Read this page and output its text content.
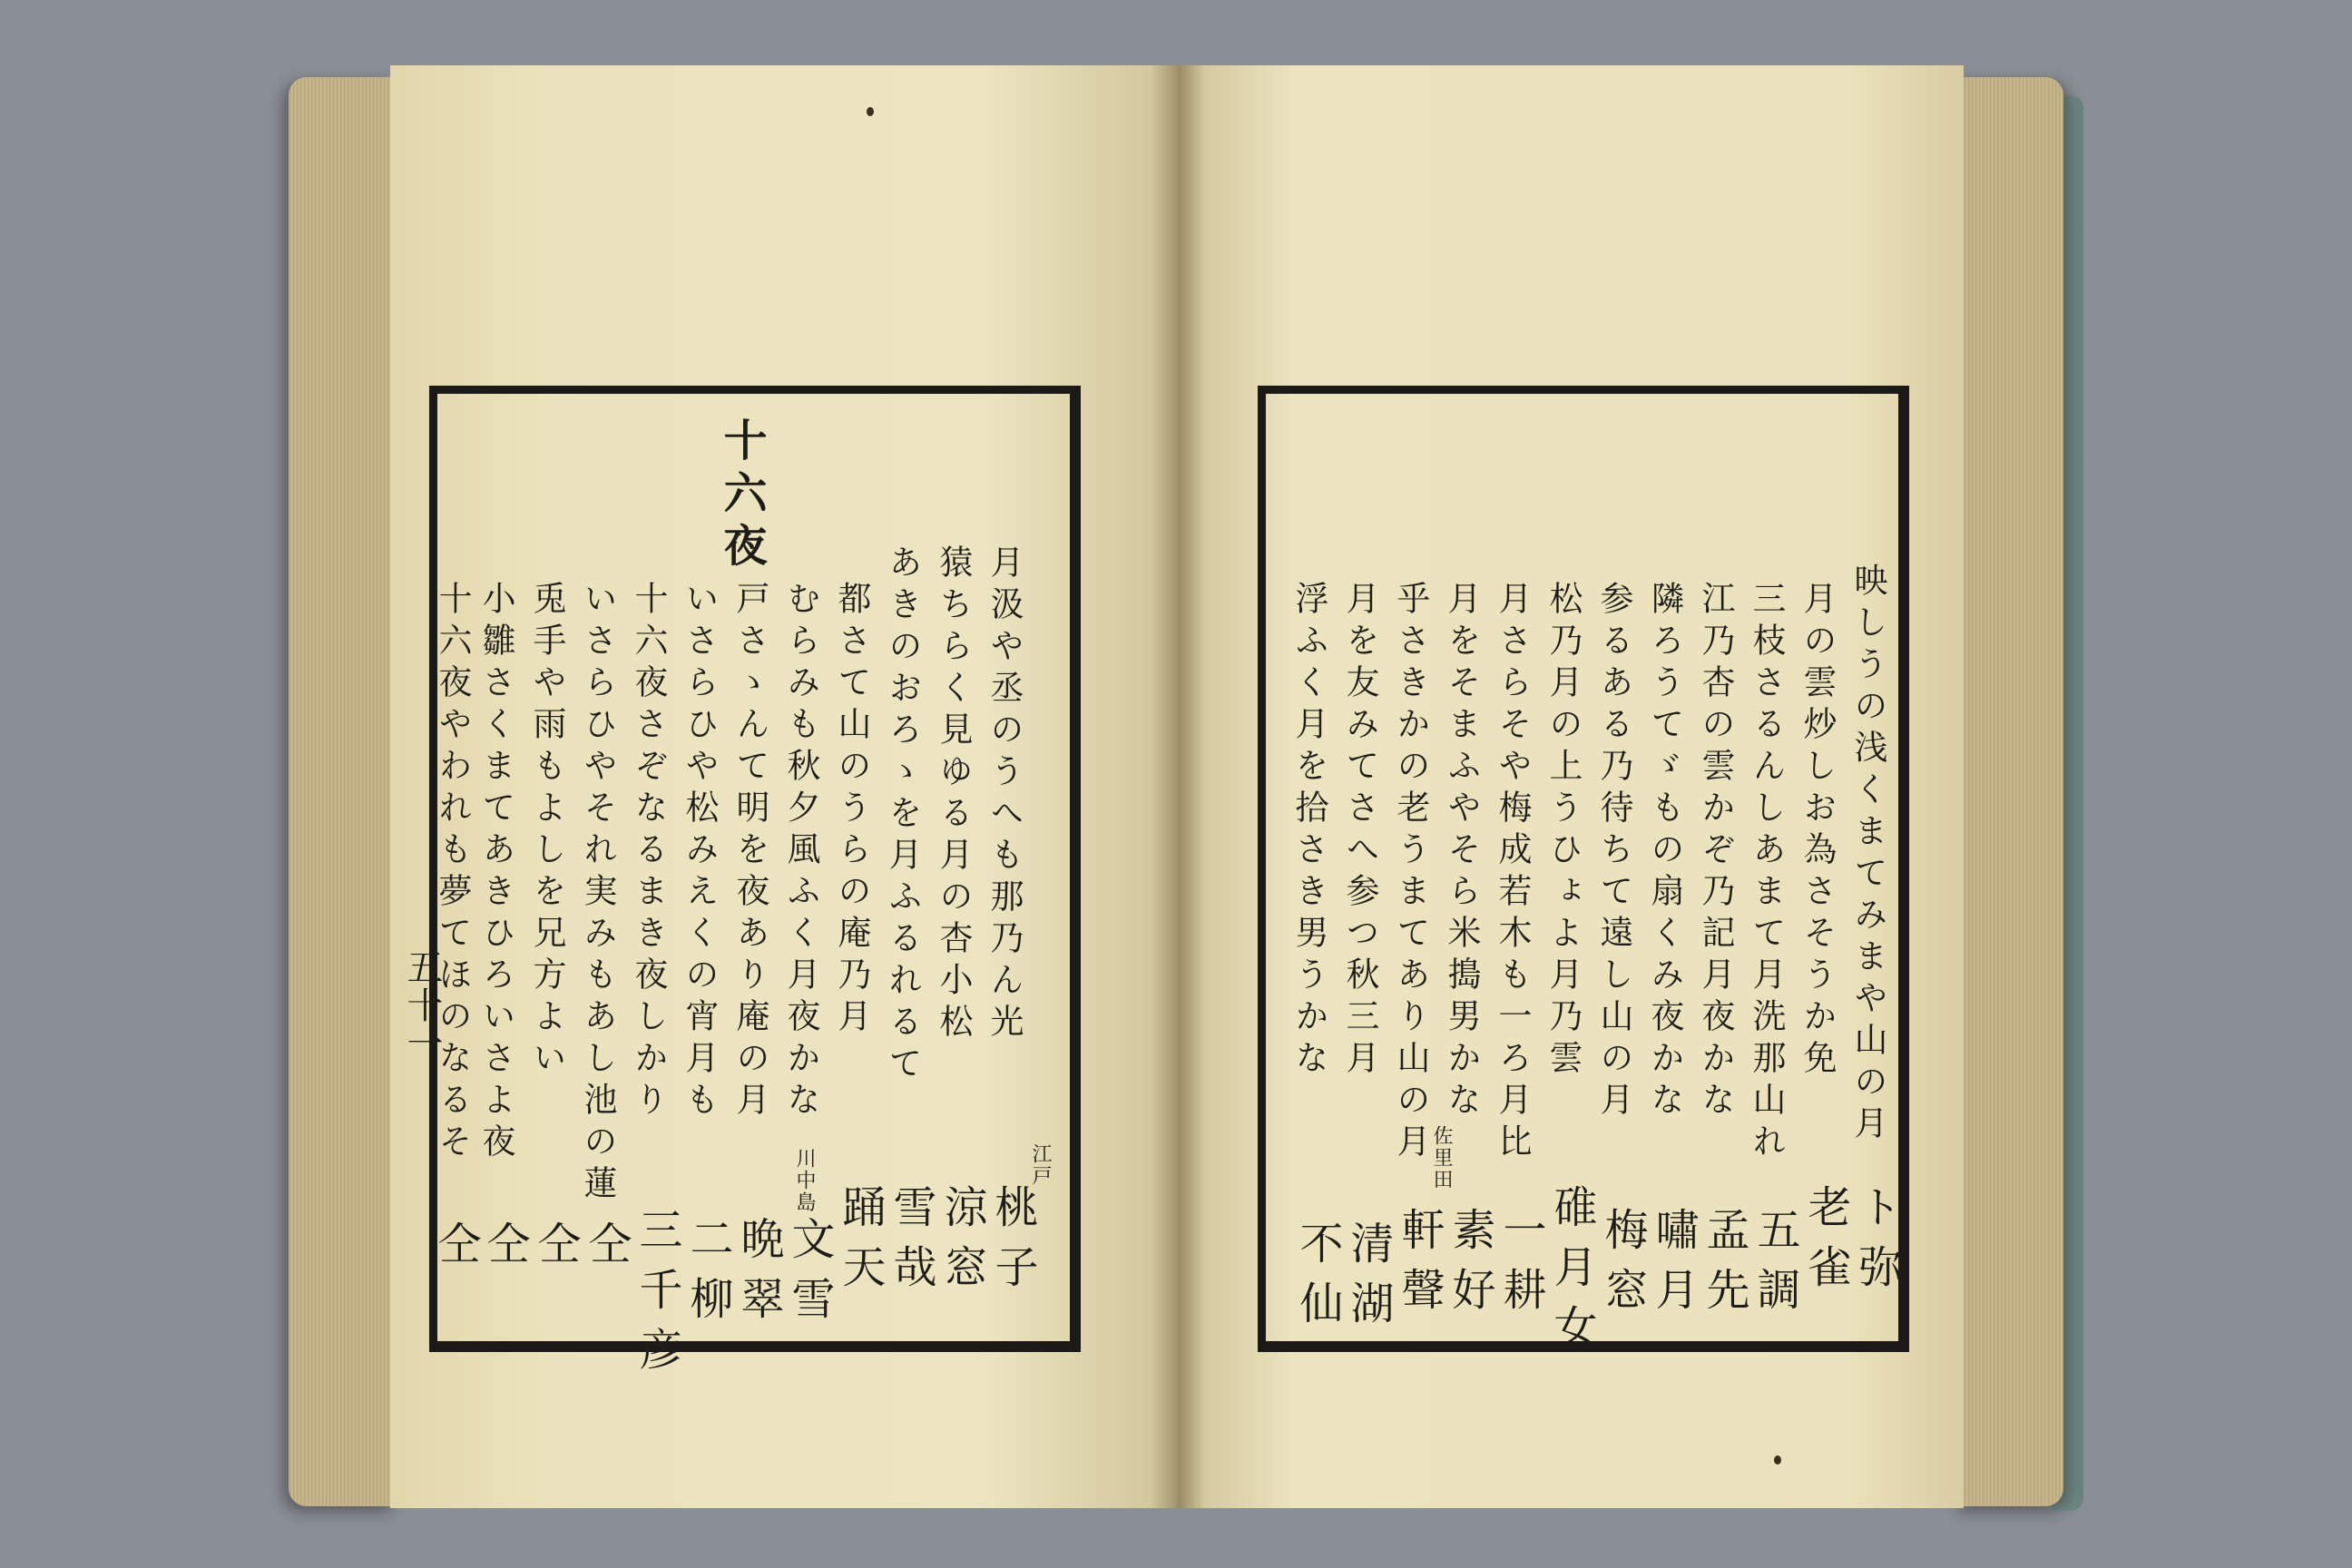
五十一
十六夜
月汲や丞のうへも那乃ん光
猿ちらく見ゆる月の杏小松
あきのおろゝを月ふるれるて
都さて山のうらの庵乃月
むらみも秋夕風ふく月夜かな
戸さゝんて明を夜あり庵の月
いさらひや松みえくの宵月も
十六夜さぞなるまき夜しかり
いさらひやそれ実みもあし池の蓮
兎手や雨もよしを兄方よい
小雛さくまてあきひろいさよ夜
十六夜やわれも夢てほのなるそ	江戸
川中島
桃子
涼窓
雪哉
踊天
文雪
晩翠
二柳
三千彦
仝
仝
仝
仝
映しうの浅くまてみまや山の月
月の雲炒しお為さそうか免
三枝さるんしあまて月洗那山れ
江乃杏の雲かぞ乃記月夜かな
隣ろうてゞもの扇くみ夜かな
参るある乃待ちて遠し山の月
松乃月の上うひょよ月乃雲
月さらそや梅成若木も一ろ月比
月をそまふやそら米搗男かな
乎さきかの老うまてあり山の月
月を友みてさへ参つ秋三月
浮ふく月を拾さき男うかな
佐里田
ト弥
老雀
五調
孟先
嘯月
梅窓
碓月女
一耕
素好
軒聲
清湖
不仙
